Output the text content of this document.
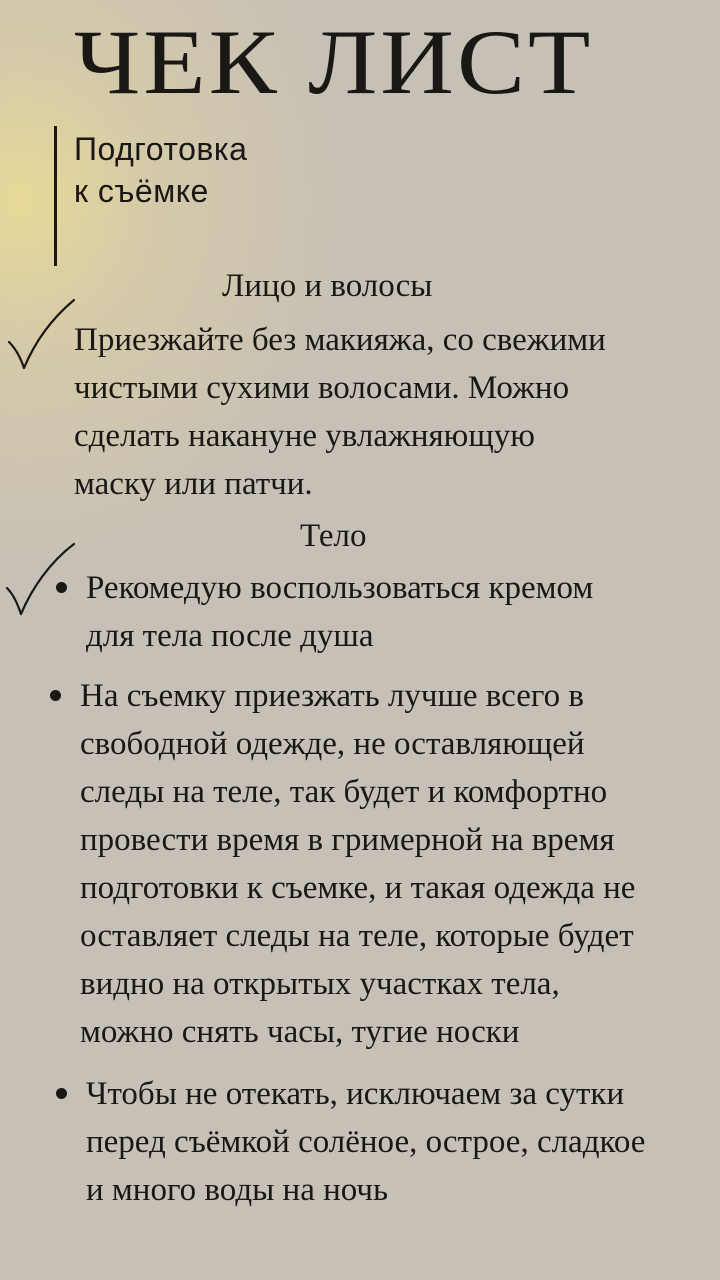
ЧЕК ЛИСТ
Подготовка
к съёмке
Лицо и волосы
Приезжайте без макияжа, со свежими
чистыми сухими волосами. Можно
сделать накануне увлажняющую
маску или патчи.
Тело
Рекомедую воспользоваться кремом
для тела после душа
На съемку приезжать лучше всего в
свободной одежде, не оставляющей
следы на теле, так будет и комфортно
провести время в гримерной на время
подготовки к съемке, и такая одежда не
оставляет следы на теле, которые будет
видно на открытых участках тела,
можно снять часы, тугие носки
Чтобы не отекать, исключаем за сутки
перед съёмкой солёное, острое, сладкое
и много воды на ночь
